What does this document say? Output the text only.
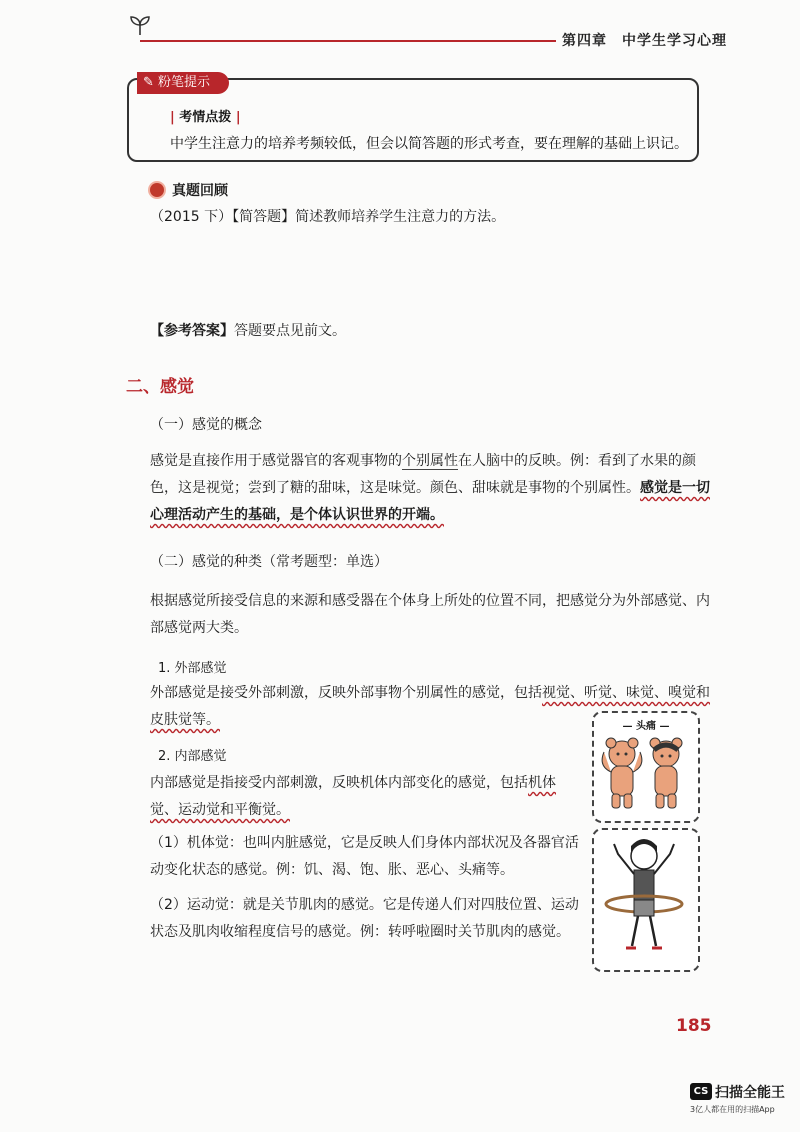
第四章　中学生学习心理
✎ 粉笔提示
| 考情点拨 |
中学生注意力的培养考频较低，但会以简答题的形式考查，要在理解的基础上识记。
真题回顾
（2015 下）【简答题】简述教师培养学生注意力的方法。
【参考答案】答题要点见前文。
二、感觉
（一）感觉的概念
感觉是直接作用于感觉器官的客观事物的个别属性在人脑中的反映。例：看到了水果的颜色，这是视觉；尝到了糖的甜味，这是味觉。颜色、甜味就是事物的个别属性。感觉是一切心理活动产生的基础，是个体认识世界的开端。
（二）感觉的种类（常考题型：单选）
根据感觉所接受信息的来源和感受器在个体身上所处的位置不同，把感觉分为外部感觉、内部感觉两大类。
1. 外部感觉
外部感觉是接受外部刺激，反映外部事物个别属性的感觉，包括视觉、听觉、味觉、嗅觉和皮肤觉等。
2. 内部感觉
内部感觉是指接受内部刺激，反映机体内部变化的感觉，包括机体觉、运动觉和平衡觉。
（1）机体觉：也叫内脏感觉，它是反映人们身体内部状况及各器官活动变化状态的感觉。例：饥、渴、饱、胀、恶心、头痛等。
（2）运动觉：就是关节肌肉的感觉。它是传递人们对四肢位置、运动状态及肌肉收缩程度信号的感觉。例：转呼啦圈时关节肌肉的感觉。
— 头痛 —
185
CS 扫描全能王
3亿人都在用的扫描App
